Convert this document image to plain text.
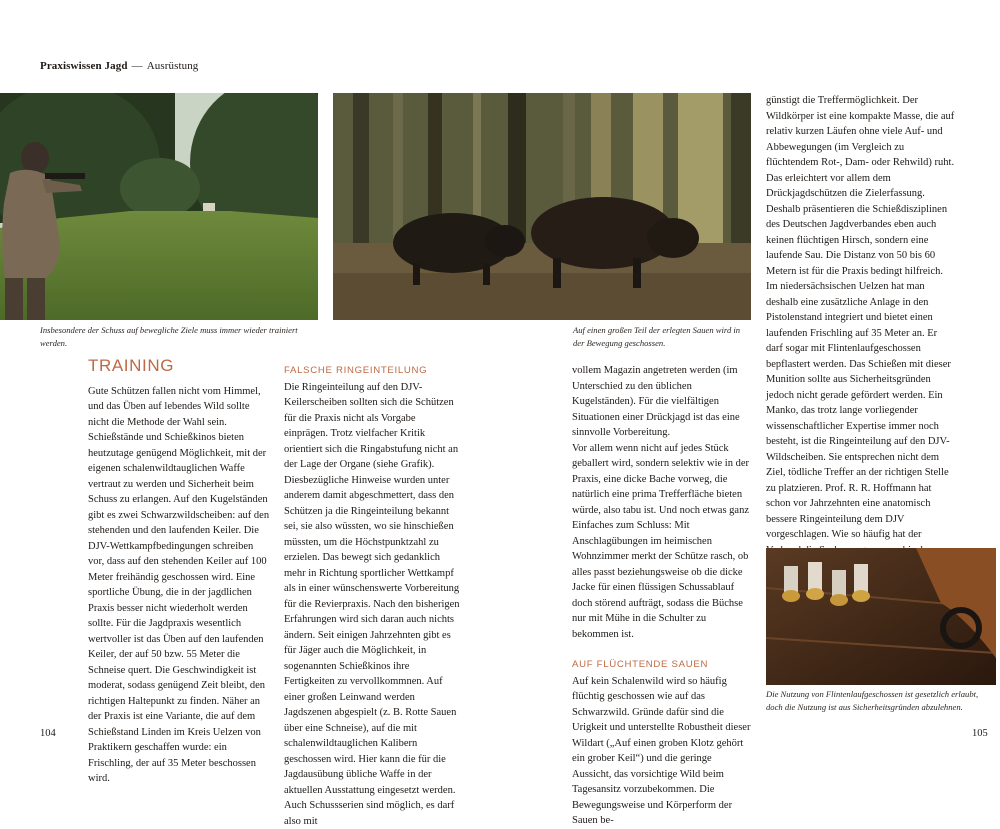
Praxiswissen Jagd — Ausrüstung
Insbesondere der Schuss auf bewegliche Ziele muss immer wieder trainiert werden.
Auf einen großen Teil der erlegten Sauen wird in der Bewegung geschossen.
TRAINING

Gute Schützen fallen nicht vom Himmel, und das Üben auf lebendes Wild sollte nicht die Methode der Wahl sein. Schießstände und Schießkinos bieten heutzutage genügend Möglichkeit, mit der eigenen schalenwildtauglichen Waffe vertraut zu werden und Sicherheit beim Schuss zu erlangen. Auf den Kugelständen gibt es zwei Schwarzwildscheiben: auf den stehenden und den laufenden Keiler. Die DJV-Wettkampfbedingungen schreiben vor, dass auf den stehenden Keiler auf 100 Meter freihändig geschossen wird. Eine sportliche Übung, die in der jagdlichen Praxis besser nicht wiederholt werden sollte. Für die Jagdpraxis wesentlich wertvoller ist das Üben auf den laufenden Keiler, der auf 50 bzw. 55 Meter die Schneise quert. Die Geschwindigkeit ist moderat, sodass genügend Zeit bleibt, den richtigen Haltepunkt zu finden. Näher an der Praxis ist eine Variante, die auf dem Schießstand Linden im Kreis Uelzen von Praktikern geschaffen wurde: ein Frischling, der auf 35 Meter beschossen wird.

FALSCHE RINGEINTEILUNG

Die Ringeinteilung auf den DJV-Keilerscheiben sollten sich die Schützen für die Praxis nicht als Vorgabe einprägen. Trotz vielfacher Kritik orientiert sich die Ringabstufung nicht an der Lage der Organe (siehe Grafik). Diesbezügliche Hinweise wurden unter anderem damit abgeschmettert, dass den Schützen ja die Ringeinteilung bekannt sei, sie also wüssten, wo sie hinschießen müssten, um die Höchstpunktzahl zu erzielen. Das bewegt sich gedanklich mehr in Richtung sportlicher Wettkampf als in einer wünschenswerte Vorbereitung für die Revierpraxis. Nach den bisherigen Erfahrungen wird sich daran auch nichts ändern. Seit einigen Jahrzehnten gibt es für Jäger auch die Möglichkeit, in sogenannten Schießkinos ihre Fertigkeiten zu vervollkommnen. Auf einer großen Leinwand werden Jagdszenen abgespielt (z. B. Rotte Sauen über eine Schneise), auf die mit schalenwildtauglichen Kalibern geschossen wird. Hier kann die für die Jagdausübung übliche Waffe in der aktuellen Ausstattung eingesetzt werden. Auch Schussserien sind möglich, es darf also mit

vollem Magazin angetreten werden (im Unterschied zu den üblichen Kugelständen). Für die vielfältigen Situationen einer Drückjagd ist das eine sinnvolle Vorbereitung.

Vor allem wenn nicht auf jedes Stück geballert wird, sondern selektiv wie in der Praxis, eine dicke Bache vorweg, die natürlich eine prima Trefferfläche bieten würde, also tabu ist. Und noch etwas ganz Einfaches zum Schluss: Mit Anschlagübungen im heimischen Wohnzimmer merkt der Schütze rasch, ob alles passt beziehungsweise ob die dicke Jacke für einen flüssigen Schussablauf doch störend aufträgt, sodass die Büchse nur mit Mühe in die Schulter zu bekommen ist.

AUF FLÜCHTENDE SAUEN

Auf kein Schalenwild wird so häufig flüchtig geschossen wie auf das Schwarzwild. Gründe dafür sind die Urigkeit und unterstellte Robustheit dieser Wildart („Auf einen groben Klotz gehört ein grober Keil“) und die geringe Aussicht, das vorsichtige Wild beim Tagesansitz vorzubekommen. Die Bewegungsweise und Körperform der Sauen be-

günstigt die Treffermöglichkeit. Der Wildkörper ist eine kompakte Masse, die auf relativ kurzen Läufen ohne viele Auf- und Abbewegungen (im Vergleich zu flüchtendem Rot-, Dam- oder Rehwild) ruht. Das erleichtert vor allem dem Drückjagdschützen die Zielerfassung. Deshalb präsentieren die Schießdisziplinen des Deutschen Jagdverbandes eben auch keinen flüchtigen Hirsch, sondern eine laufende Sau. Die Distanz von 50 bis 60 Metern ist für die Praxis bedingt hilfreich. Im niedersächsischen Uelzen hat man deshalb eine zusätzliche Anlage in den Pistolenstand integriert und bietet einen laufenden Frischling auf 35 Meter an. Er darf sogar mit Flintenlaufgeschossen bepflastert werden. Das Schießen mit dieser Munition sollte aus Sicherheitsgründen jedoch nicht gerade gefördert werden. Ein Manko, das trotz lange vorliegender wissenschaftlicher Expertise immer noch besteht, ist die Ringeinteilung auf den DJV-Wildscheiben. Sie entsprechen nicht dem Ziel, tödliche Treffer an der richtigen Stelle zu platzieren. Prof. R. R. Hoffmann hat schon vor Jahrzehnten eine anatomisch bessere Ringeinteilung dem DJV vorgeschlagen. Wie so häufig hat der

Die Nutzung von Flintenlaufgeschossen ist gesetzlich erlaubt, doch die Nutzung ist aus Sicherheitsgründen abzulehnen.
104	105
